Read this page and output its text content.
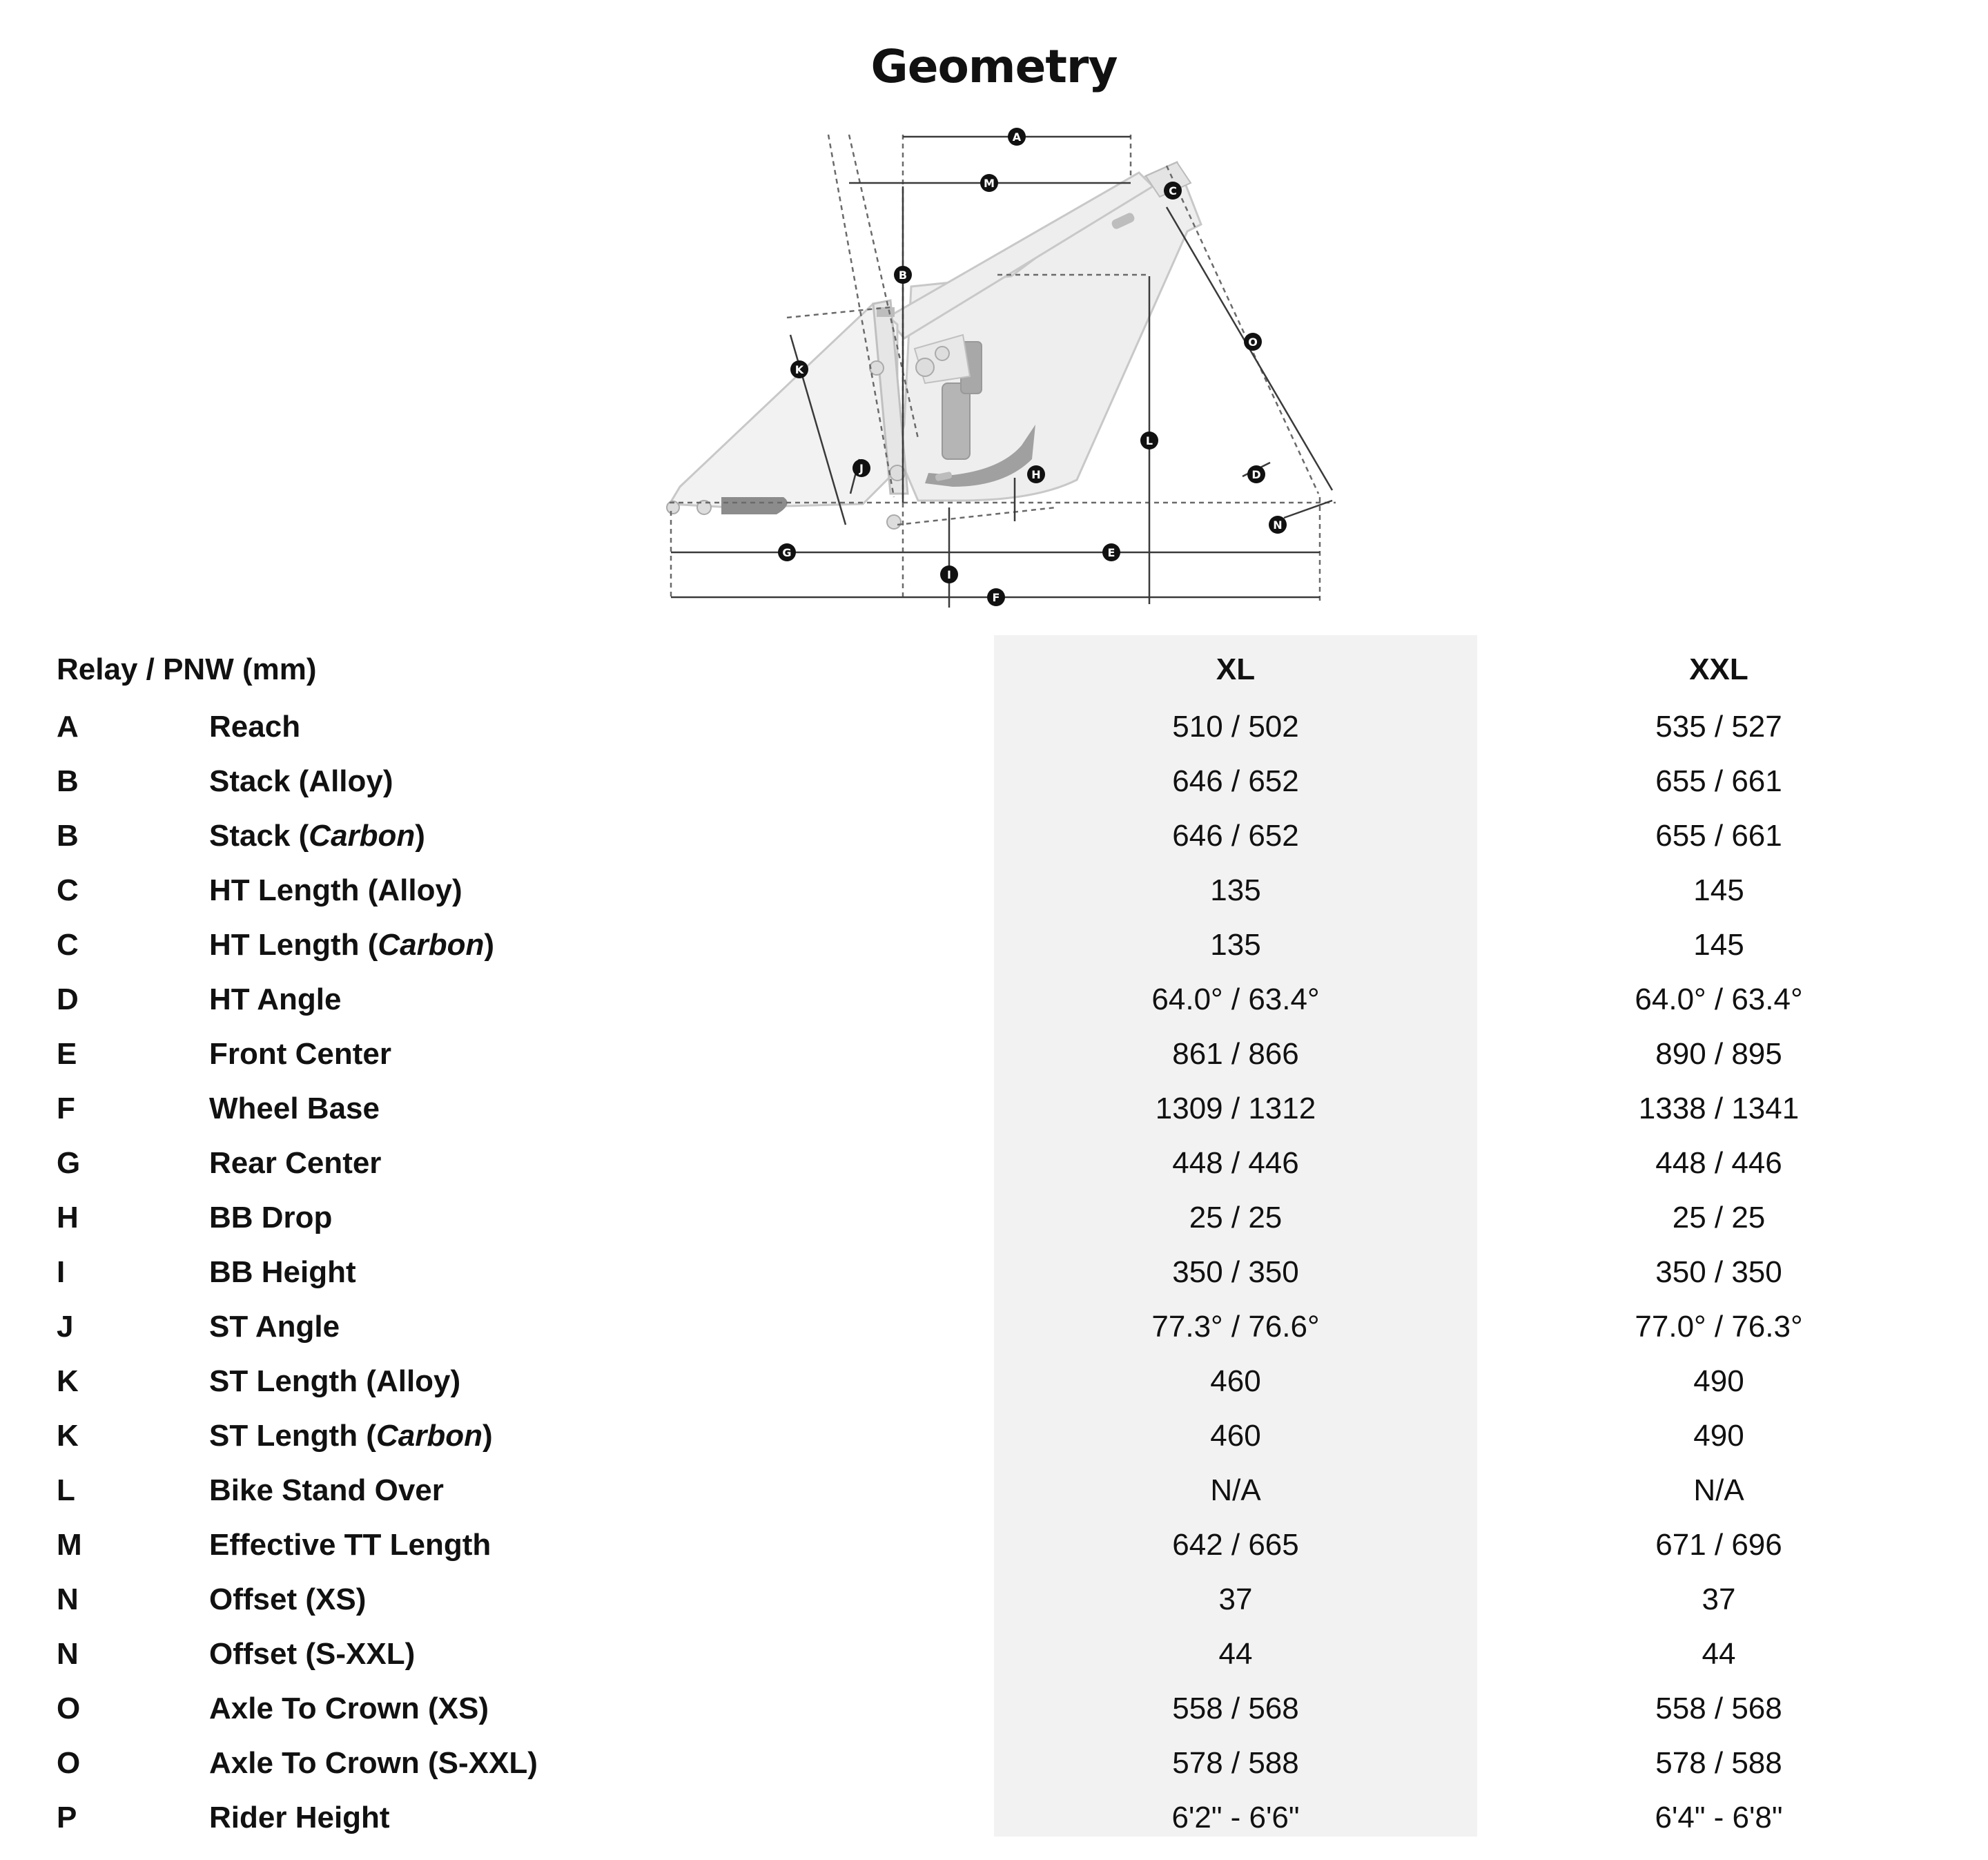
Geometry
A
M
C
B
O
K
L
J	H	D
N
G	E
I
F
Relay / PNW (mm)	XL	XXL
A	Reach	510 / 502	535 / 527
B	Stack (Alloy)	646 / 652	655 / 661
B	Stack (Carbon)	646 / 652	655 / 661
C	HT Length (Alloy)	135	145
C	HT Length (Carbon)	135	145
D	HT Angle	64.0° / 63.4°	64.0° / 63.4°
E	Front Center	861 / 866	890 / 895
F	Wheel Base	1309 / 1312	1338 / 1341
G	Rear Center	448 / 446	448 / 446
H	BB Drop	25 / 25	25 / 25
I	BB Height	350 / 350	350 / 350
J	ST Angle	77.3° / 76.6°	77.0° / 76.3°
K	ST Length (Alloy)	460	490
K	ST Length (Carbon)	460	490
L	Bike Stand Over	N/A	N/A
M	Effective TT Length	642 / 665	671 / 696
N	Offset (XS)	37	37
N	Offset (S-XXL)	44	44
O	Axle To Crown (XS)	558 / 568	558 / 568
O	Axle To Crown (S-XXL)	578 / 588	578 / 588
P	Rider Height	6'2" - 6'6"	6'4" - 6'8"
